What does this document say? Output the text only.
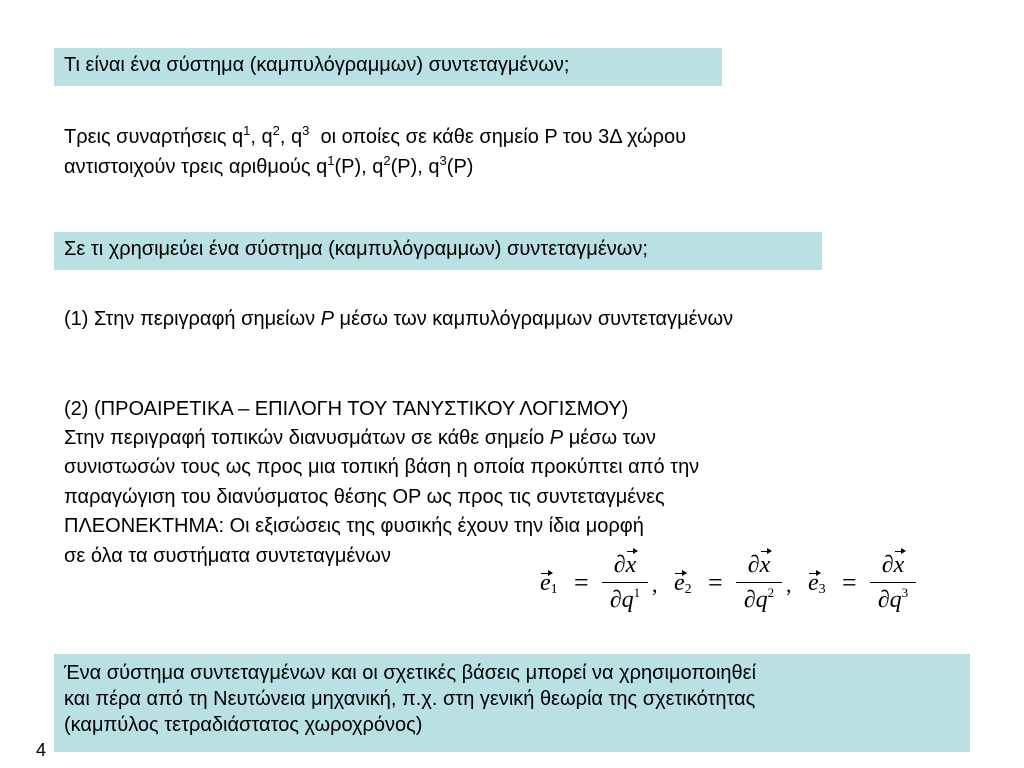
Τι είναι ένα σύστημα (καμπυλόγραμμων) συντεταγμένων;
Τρεις συναρτήσεις $q^1$, $q^2$, $q^3$  οι οποίες σε κάθε σημείο P του 3Δ χώρου
αντιστοιχούν τρεις αριθμούς $q^1(P)$, $q^2(P)$, $q^3(P)$
Σε τι χρησιμεύει ένα σύστημα (καμπυλόγραμμων) συντεταγμένων;
(1) Στην περιγραφή σημείων P μέσω των καμπυλόγραμμων συντεταγμένων
(2) (ΠΡΟΑΙΡΕΤΙΚΑ – ΕΠΙΛΟΓΗ ΤΟΥ ΤΑΝΥΣΤΙΚΟΥ ΛΟΓΙΣΜΟΥ)
Στην περιγραφή τοπικών διανυσμάτων σε κάθε σημείο P μέσω των
συνιστωσών τους ως προς μια τοπική βάση η οποία προκύπτει από την
παραγώγιση του διανύσματος θέσης OP ως προς τις συντεταγμένες
ΠΛΕΟΝΕΚΤΗΜΑ: Οι εξισώσεις της φυσικής έχουν την ίδια μορφή
σε όλα τα συστήματα συντεταγμένων
$e_1$ =
∂x
$\partial q^1$ , $e_2$ =
∂x
$\partial q^2$ , $e_3$ =
∂x
$\partial q^3$
Ένα σύστημα συντεταγμένων και οι σχετικές βάσεις μπορεί να χρησιμοποιηθεί
και πέρα από τη Νευτώνεια μηχανική, π.χ. στη γενική θεωρία της σχετικότητας
(καμπύλος τετραδιάστατος χωροχρόνος)
4
